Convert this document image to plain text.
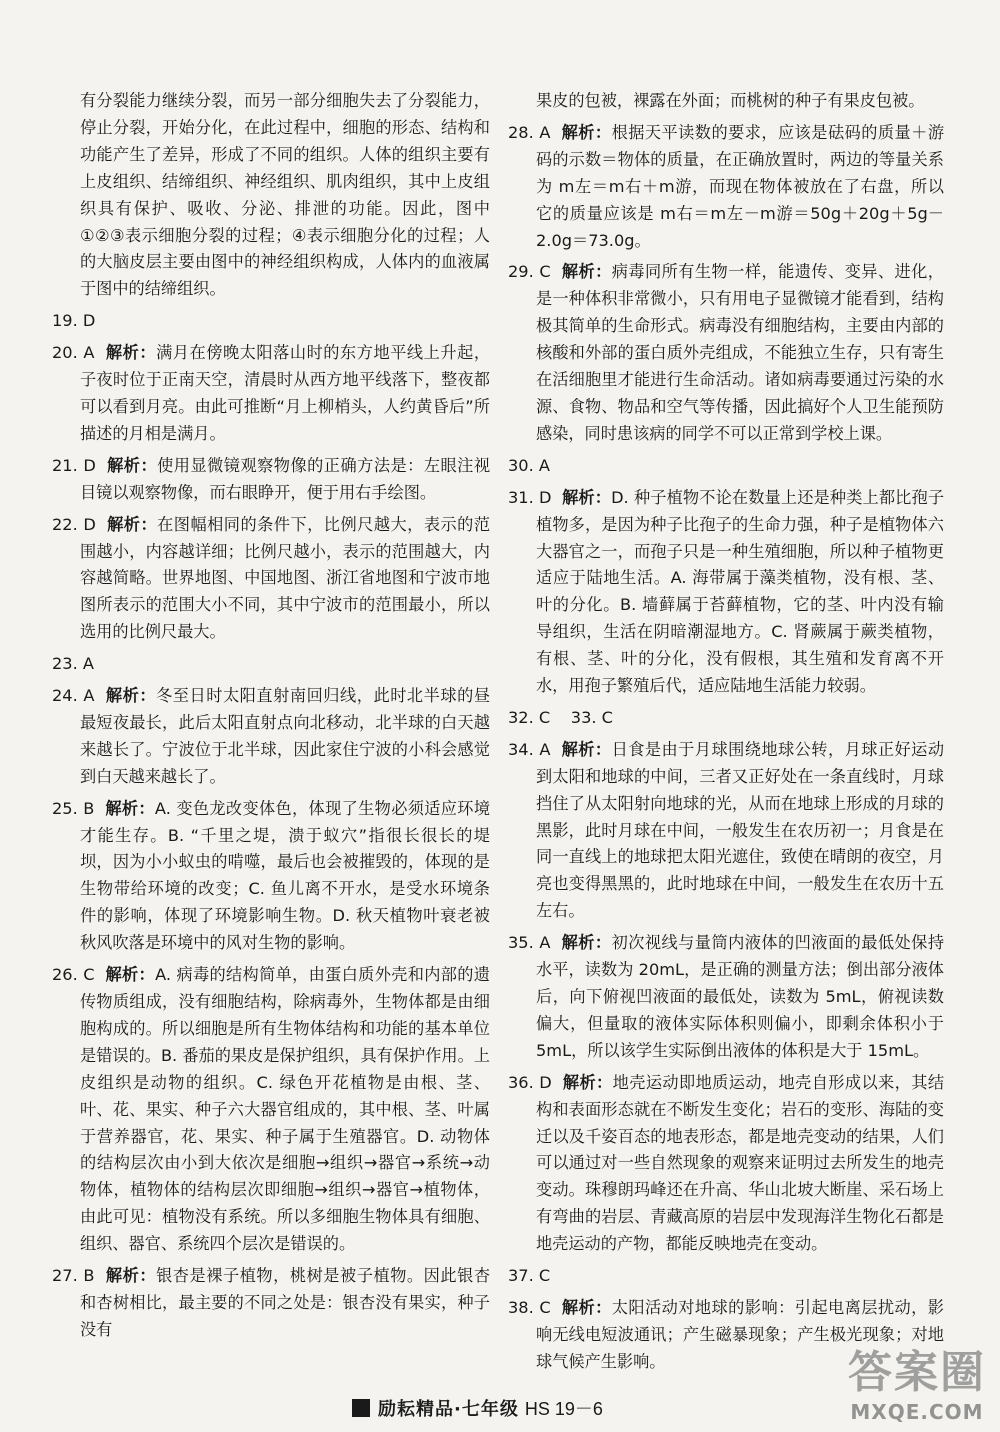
有分裂能力继续分裂，而另一部分细胞失去了分裂能力，停止分裂，开始分化，在此过程中，细胞的形态、结构和功能产生了差异，形成了不同的组织。人体的组织主要有上皮组织、结缔组织、神经组织、肌肉组织，其中上皮组织具有保护、吸收、分泌、排泄的功能。因此，图中①②③表示细胞分裂的过程；④表示细胞分化的过程；人的大脑皮层主要由图中的神经组织构成，人体内的血液属于图中的结缔组织。

19. D

20. A 解析：满月在傍晚太阳落山时的东方地平线上升起，子夜时位于正南天空，清晨时从西方地平线落下，整夜都可以看到月亮。由此可推断“月上柳梢头，人约黄昏后”所描述的月相是满月。

21. D 解析：使用显微镜观察物像的正确方法是：左眼注视目镜以观察物像，而右眼睁开，便于用右手绘图。

22. D 解析：在图幅相同的条件下，比例尺越大，表示的范围越小，内容越详细；比例尺越小，表示的范围越大，内容越简略。世界地图、中国地图、浙江省地图和宁波市地图所表示的范围大小不同，其中宁波市的范围最小，所以选用的比例尺最大。

23. A

24. A 解析：冬至日时太阳直射南回归线，此时北半球的昼最短夜最长，此后太阳直射点向北移动，北半球的白天越来越长了。宁波位于北半球，因此家住宁波的小科会感觉到白天越来越长了。

25. B 解析：A. 变色龙改变体色，体现了生物必须适应环境才能生存。B. “千里之堤，溃于蚁穴”指很长很长的堤坝，因为小小蚁虫的啃噬，最后也会被摧毁的，体现的是生物带给环境的改变；C. 鱼儿离不开水，是受水环境条件的影响，体现了环境影响生物。D. 秋天植物叶衰老被秋风吹落是环境中的风对生物的影响。

26. C 解析：A. 病毒的结构简单，由蛋白质外壳和内部的遗传物质组成，没有细胞结构，除病毒外，生物体都是由细胞构成的。所以细胞是所有生物体结构和功能的基本单位是错误的。B. 番茄的果皮是保护组织，具有保护作用。上皮组织是动物的组织。C. 绿色开花植物是由根、茎、叶、花、果实、种子六大器官组成的，其中根、茎、叶属于营养器官，花、果实、种子属于生殖器官。D. 动物体的结构层次由小到大依次是细胞→组织→器官→系统→动物体，植物体的结构层次即细胞→组织→器官→植物体，由此可见：植物没有系统。所以多细胞生物体具有细胞、组织、器官、系统四个层次是错误的。

27. B 解析：银杏是裸子植物，桃树是被子植物。因此银杏和杏树相比，最主要的不同之处是：银杏没有果实，种子没有

果皮的包被，裸露在外面；而桃树的种子有果皮包被。

28. A 解析：根据天平读数的要求，应该是砝码的质量＋游码的示数＝物体的质量，在正确放置时，两边的等量关系为 m左＝m右＋m游，而现在物体被放在了右盘，所以它的质量应该是 m右＝m左－m游＝50g＋20g＋5g－2.0g＝73.0g。

29. C 解析：病毒同所有生物一样，能遗传、变异、进化，是一种体积非常微小，只有用电子显微镜才能看到，结构极其简单的生命形式。病毒没有细胞结构，主要由内部的核酸和外部的蛋白质外壳组成，不能独立生存，只有寄生在活细胞里才能进行生命活动。诸如病毒要通过污染的水源、食物、物品和空气等传播，因此搞好个人卫生能预防感染，同时患该病的同学不可以正常到学校上课。

30. A

31. D 解析：D. 种子植物不论在数量上还是种类上都比孢子植物多，是因为种子比孢子的生命力强，种子是植物体六大器官之一，而孢子只是一种生殖细胞，所以种子植物更适应于陆地生活。A. 海带属于藻类植物，没有根、茎、叶的分化。B. 墙藓属于苔藓植物，它的茎、叶内没有输导组织，生活在阴暗潮湿地方。C. 肾蕨属于蕨类植物，有根、茎、叶的分化，没有假根，其生殖和发育离不开水，用孢子繁殖后代，适应陆地生活能力较弱。

32. C    33. C

34. A 解析：日食是由于月球围绕地球公转，月球正好运动到太阳和地球的中间，三者又正好处在一条直线时，月球挡住了从太阳射向地球的光，从而在地球上形成的月球的黑影，此时月球在中间，一般发生在农历初一；月食是在同一直线上的地球把太阳光遮住，致使在晴朗的夜空，月亮也变得黑黑的，此时地球在中间，一般发生在农历十五左右。

35. A 解析：初次视线与量筒内液体的凹液面的最低处保持水平，读数为 20mL，是正确的测量方法；倒出部分液体后，向下俯视凹液面的最低处，读数为 5mL，俯视读数偏大，但量取的液体实际体积则偏小，即剩余体积小于 5mL，所以该学生实际倒出液体的体积是大于 15mL。

36. D 解析：地壳运动即地质运动，地壳自形成以来，其结构和表面形态就在不断发生变化；岩石的变形、海陆的变迁以及千姿百态的地表形态，都是地壳变动的结果，人们可以通过对一些自然现象的观察来证明过去所发生的地壳变动。珠穆朗玛峰还在升高、华山北坡大断崖、采石场上有弯曲的岩层、青藏高原的岩层中发现海洋生物化石都是地壳运动的产物，都能反映地壳在变动。

37. C

38. C 解析：太阳活动对地球的影响：引起电离层扰动，影响无线电短波通讯；产生磁暴现象；产生极光现象；对地球气候产生影响。

励耘精品·七年级 HS 19－6
答案圈
MXQE.COM
